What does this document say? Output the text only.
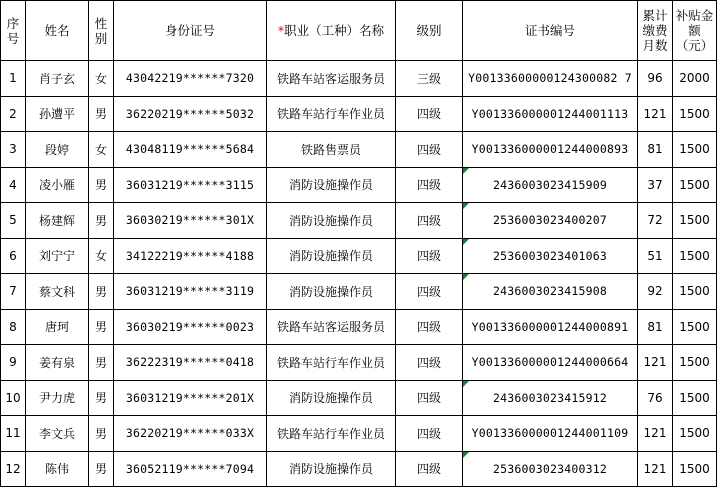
序号	姓名	性别	身份证号	*职业（工种）名称	级别	证书编号	累计缴费月数	补贴金额（元）
1	肖子玄	女	43042219******7320	铁路车站客运服务员	三级	Y00133600000124300082 7	96	2000
2	孙遭平	男	36220219******5032	铁路车站行车作业员	四级	Y001336000001244001113	121	1500
3	段婷	女	43048119******5684	铁路售票员	四级	Y001336000001244000893	81	1500
4	凌小雁	男	36031219******3115	消防设施操作员	四级	2436003023415909	37	1500
5	杨建辉	男	36030219******301X	消防设施操作员	四级	2536003023400207	72	1500
6	刘宁宁	女	34122219******4188	消防设施操作员	四级	2536003023401063	51	1500
7	蔡文科	男	36031219******3119	消防设施操作员	四级	2436003023415908	92	1500
8	唐珂	男	36030219******0023	铁路车站客运服务员	四级	Y001336000001244000891	81	1500
9	姜有泉	男	36222319******0418	铁路车站行车作业员	四级	Y001336000001244000664	121	1500
10	尹力虎	男	36031219******201X	消防设施操作员	四级	2436003023415912	76	1500
11	李文兵	男	36220219******033X	铁路车站行车作业员	四级	Y001336000001244001109	121	1500
12	陈伟	男	36052119******7094	消防设施操作员	四级	2536003023400312	121	1500
